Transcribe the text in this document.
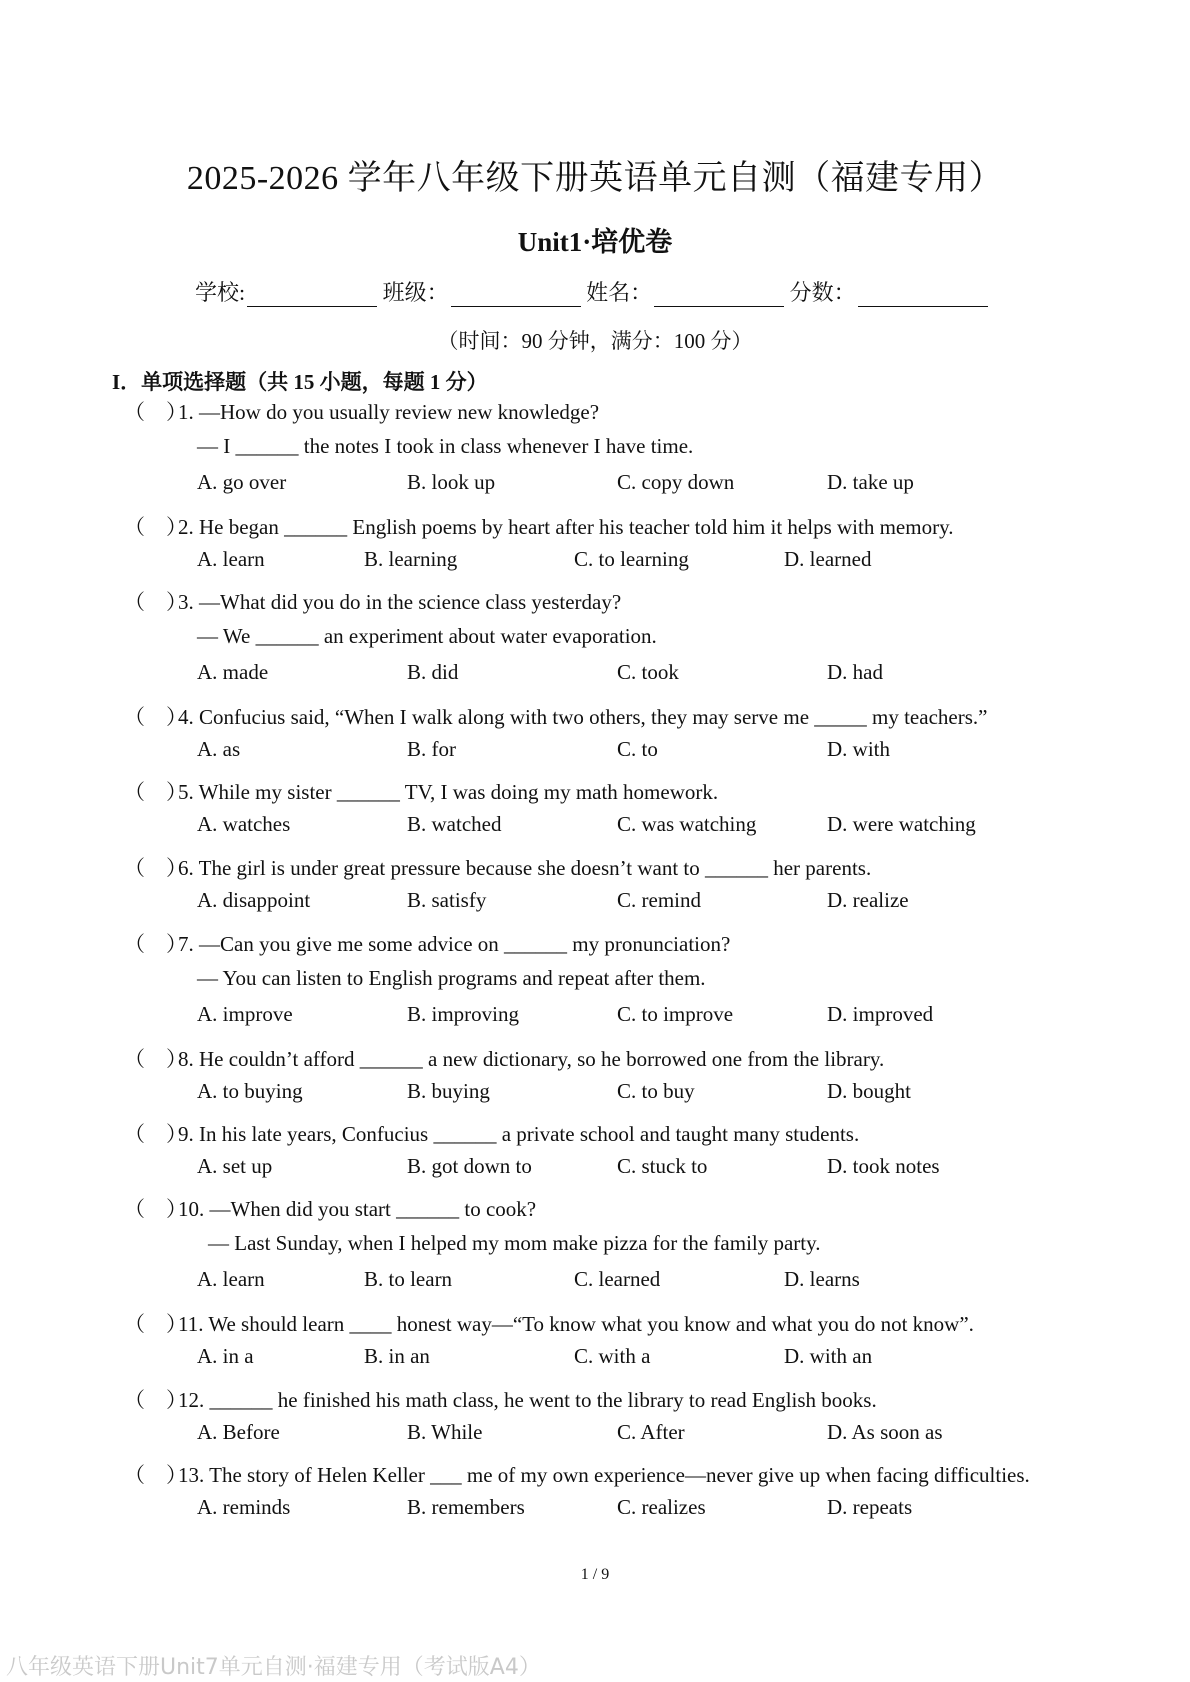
2025-2026 学年八年级下册英语单元自测（福建专用）
Unit1·培优卷
学校:	班级：	姓名：	分数：
（时间：90 分钟，满分：100 分）
I．单项选择题（共 15 小题，每题 1 分）
（　）1. —How do you usually review new knowledge?
— I ______ the notes I took in class whenever I have time.
A. go over	B. look up	C. copy down	D. take up
（　）2. He began ______ English poems by heart after his teacher told him it helps with memory.
A. learn	B. learning	C. to learning	D. learned
（　）3. —What did you do in the science class yesterday?
— We ______ an experiment about water evaporation.
A. made	B. did	C. took	D. had
（　）4. Confucius said, “When I walk along with two others, they may serve me _____ my teachers.”
A. as	B. for	C. to	D. with
（　）5. While my sister ______ TV, I was doing my math homework.
A. watches	B. watched	C. was watching	D. were watching
（　）6. The girl is under great pressure because she doesn’t want to ______ her parents.
A. disappoint	B. satisfy	C. remind	D. realize
（　）7. —Can you give me some advice on ______ my pronunciation?
— You can listen to English programs and repeat after them.
A. improve	B. improving	C. to improve	D. improved
（　）8. He couldn’t afford ______ a new dictionary, so he borrowed one from the library.
A. to buying	B. buying	C. to buy	D. bought
（　）9. In his late years, Confucius ______ a private school and taught many students.
A. set up	B. got down to	C. stuck to	D. took notes
（　）10. —When did you start ______ to cook?
— Last Sunday, when I helped my mom make pizza for the family party.
A. learn	B. to learn	C. learned	D. learns
（　）11. We should learn ____ honest way—“To know what you know and what you do not know”.
A. in a	B. in an	C. with a	D. with an
（　）12. ______ he finished his math class, he went to the library to read English books.
A. Before	B. While	C. After	D. As soon as
（　）13. The story of Helen Keller ___ me of my own experience—never give up when facing difficulties.
A. reminds	B. remembers	C. realizes	D. repeats
1 / 9
八年级英语下册Unit7单元自测·福建专用（考试版A4）
